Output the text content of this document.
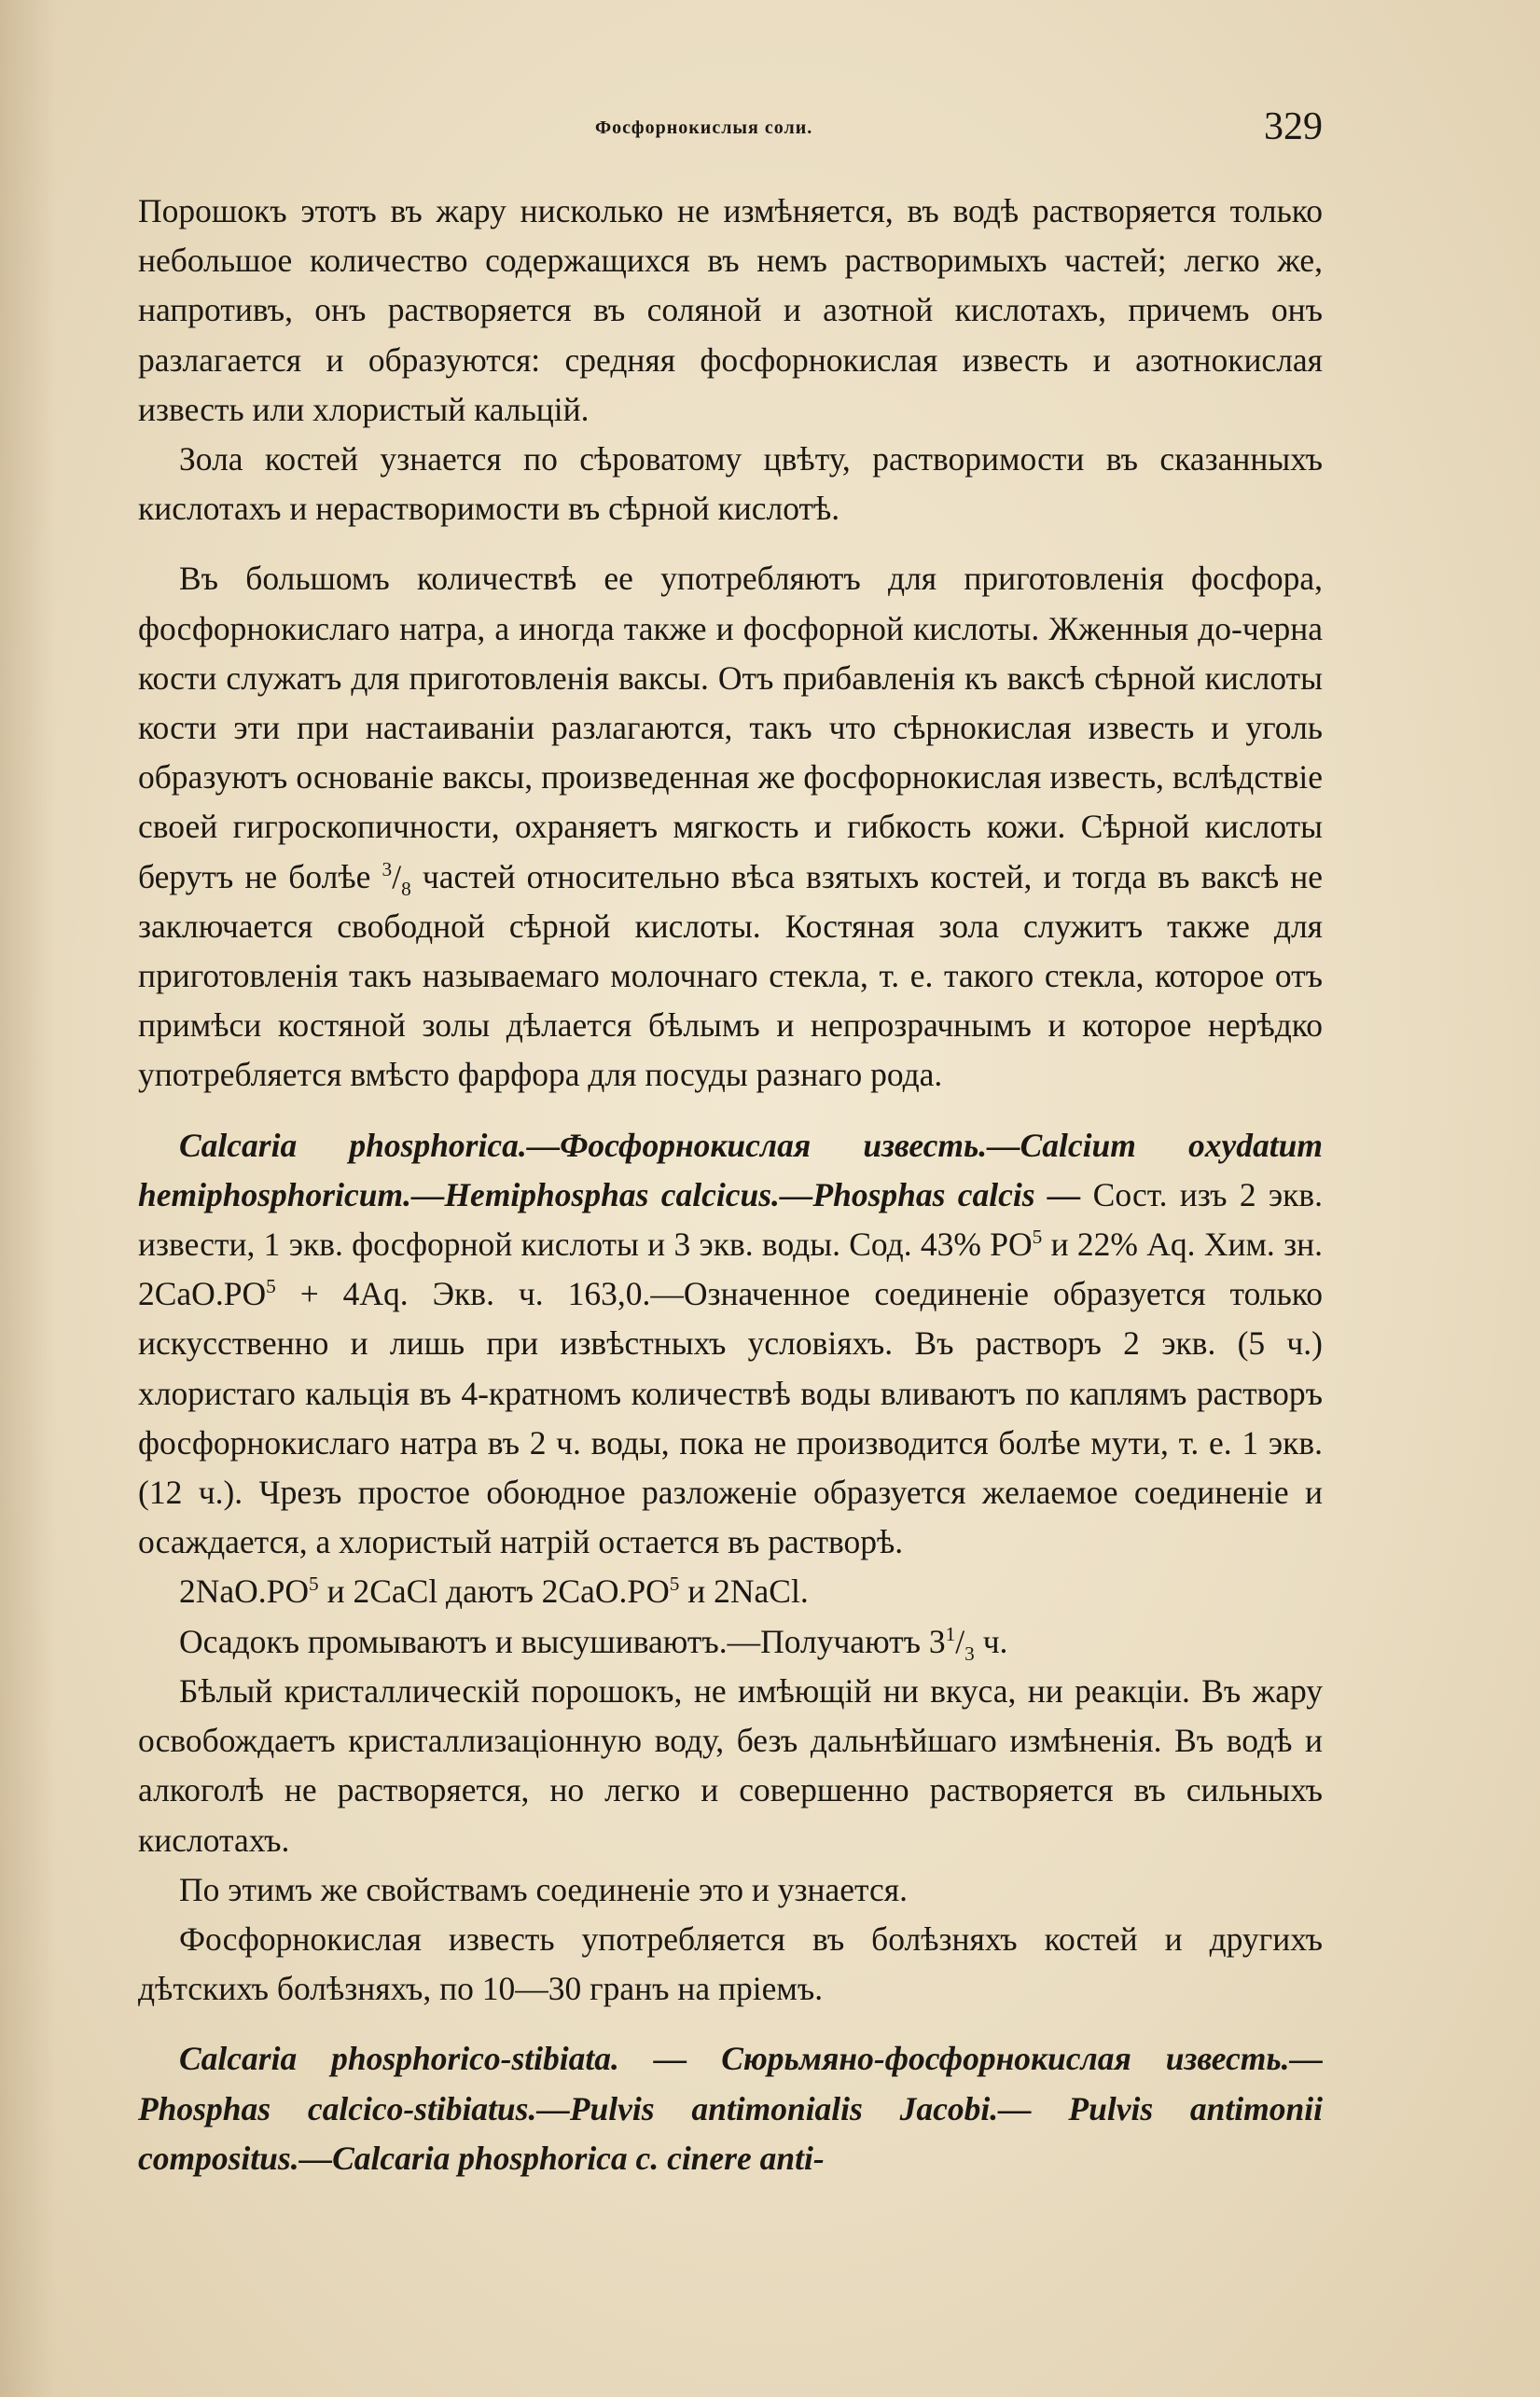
Фосфорнокислыя соли.	329

Порошокъ этотъ въ жару нисколько не измѣняется, въ водѣ растворяется только небольшое количество содержащихся въ немъ растворимыхъ частей; легко же, напротивъ, онъ растворяется въ соляной и азотной кислотахъ, причемъ онъ разлагается и образуются: средняя фосфорнокислая известь и азотнокислая известь или хлористый кальцій.

Зола костей узнается по сѣроватому цвѣту, растворимости въ сказанныхъ кислотахъ и нерастворимости въ сѣрной кислотѣ.

Въ большомъ количествѣ ее употребляютъ для приготовленія фосфора, фосфорнокислаго натра, а иногда также и фосфорной кислоты. Жженныя до-черна кости служатъ для приготовленія ваксы. Отъ прибавленія къ ваксѣ сѣрной кислоты кости эти при настаиваніи разлагаются, такъ что сѣрнокислая известь и уголь образуютъ основаніе ваксы, произведенная же фосфорнокислая известь, вслѣдствіе своей гигроскопичности, охраняетъ мягкость и гибкость кожи. Сѣрной кислоты берутъ не болѣе $^3/_8$ частей относительно вѣса взятыхъ костей, и тогда въ ваксѣ не заключается свободной сѣрной кислоты. Костяная зола служитъ также для приготовленія такъ называемаго молочнаго стекла, т. е. такого стекла, которое отъ примѣси костяной золы дѣлается бѣлымъ и непрозрачнымъ и которое нерѣдко употребляется вмѣсто фарфора для посуды разнаго рода.

Calcaria phosphorica.—Фосфорнокислая известь.—Calcium oxydatum hemiphosphoricum.—Hemiphosphas calcicus.—Phosphas calcis — Сост. изъ 2 экв. извести, 1 экв. фосфорной кислоты и 3 экв. воды. Сод. 43% $PO^5$ и 22% Aq. Хим. зн. $2CaO.PO^5 + 4Aq$. Экв. ч. 163,0.—Означенное соединеніе образуется только искусственно и лишь при извѣстныхъ условіяхъ. Въ растворъ 2 экв. (5 ч.) хлористаго кальція въ 4-кратномъ количествѣ воды вливаютъ по каплямъ растворъ фосфорнокислаго натра въ 2 ч. воды, пока не производится болѣе мути, т. е. 1 экв. (12 ч.). Чрезъ простое обоюдное разложеніе образуется желаемое соединеніе и осаждается, а хлористый натрій остается въ растворѣ.

$2NaO.PO^5$ и 2CaCl даютъ $2CaO.PO^5$ и 2NaCl.

Осадокъ промываютъ и высушиваютъ.—Получаютъ $3^1/_3$ ч.

Бѣлый кристаллическій порошокъ, не имѣющій ни вкуса, ни реакціи. Въ жару освобождаетъ кристаллизаціонную воду, безъ дальнѣйшаго измѣненія. Въ водѣ и алкоголѣ не растворяется, но легко и совершенно растворяется въ сильныхъ кислотахъ.

По этимъ же свойствамъ соединеніе это и узнается.

Фосфорнокислая известь употребляется въ болѣзняхъ костей и другихъ дѣтскихъ болѣзняхъ, по 10—30 гранъ на пріемъ.

Calcaria phosphorico-stibiata. — Сюрьмяно-фосфорнокислая известь.— Phosphas calcico-stibiatus.—Pulvis antimonialis Jacobi.— Pulvis antimonii compositus.—Calcaria phosphorica c. cinere anti-
